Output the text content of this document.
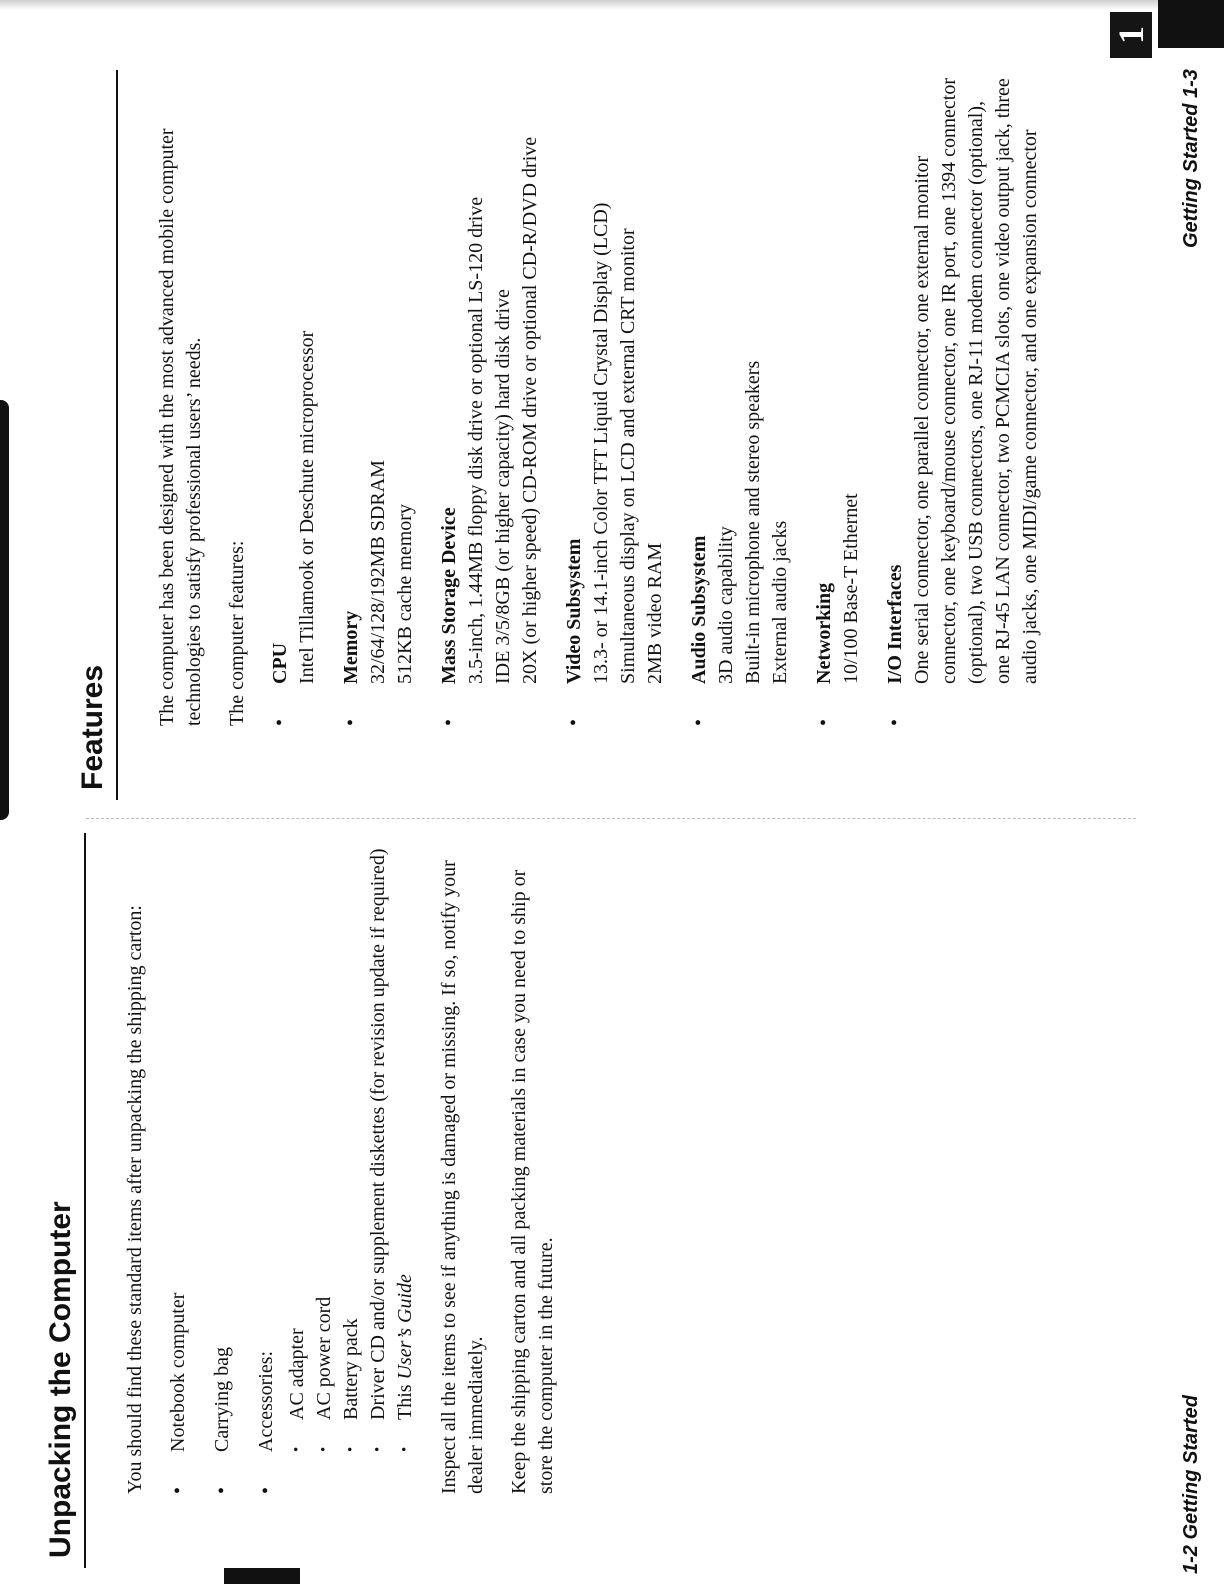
1
Unpacking the Computer	You should find these standard items after unpacking the shipping carton: • Notebook computer • Carrying bag • Accessories: • AC adapter • AC power cord • Battery pack • Driver CD and/or supplement diskettes (for revision update if required) • This User’s Guide Inspect all the items to see if anything is damaged or missing. If so, notify your dealer immediately. Keep the shipping carton and all packing materials in case you need to ship or store the computer in the future.

Features

The computer has been designed with the most advanced mobile computer technologies to satisfy professional users’ needs. The computer features: • CPU Intel Tillamook or Deschute microprocessor • Memory 32/64/128/192MB SDRAM 512KB cache memory • Mass Storage Device 3.5-inch, 1.44MB floppy disk drive or optional LS-120 drive IDE 3/5/8GB (or higher capacity) hard disk drive 20X (or higher speed) CD-ROM drive or optional CD-R/DVD drive • Video Subsystem 13.3- or 14.1-inch Color TFT Liquid Crystal Display (LCD) Simultaneous display on LCD and external CRT monitor 2MB video RAM • Audio Subsystem 3D audio capability Built-in microphone and stereo speakers External audio jacks • Networking 10/100 Base-T Ethernet • I/O Interfaces One serial connector, one parallel connector, one external monitor connector, one keyboard/mouse connector, one IR port, one 1394 connector (optional), two USB connectors, one RJ-11 modem connector (optional), one RJ-45 LAN connector, two PCMCIA slots, one video output jack, three audio jacks, one MIDI/game connector, and one expansion connector
1-2 Getting Started
Getting Started 1-3
